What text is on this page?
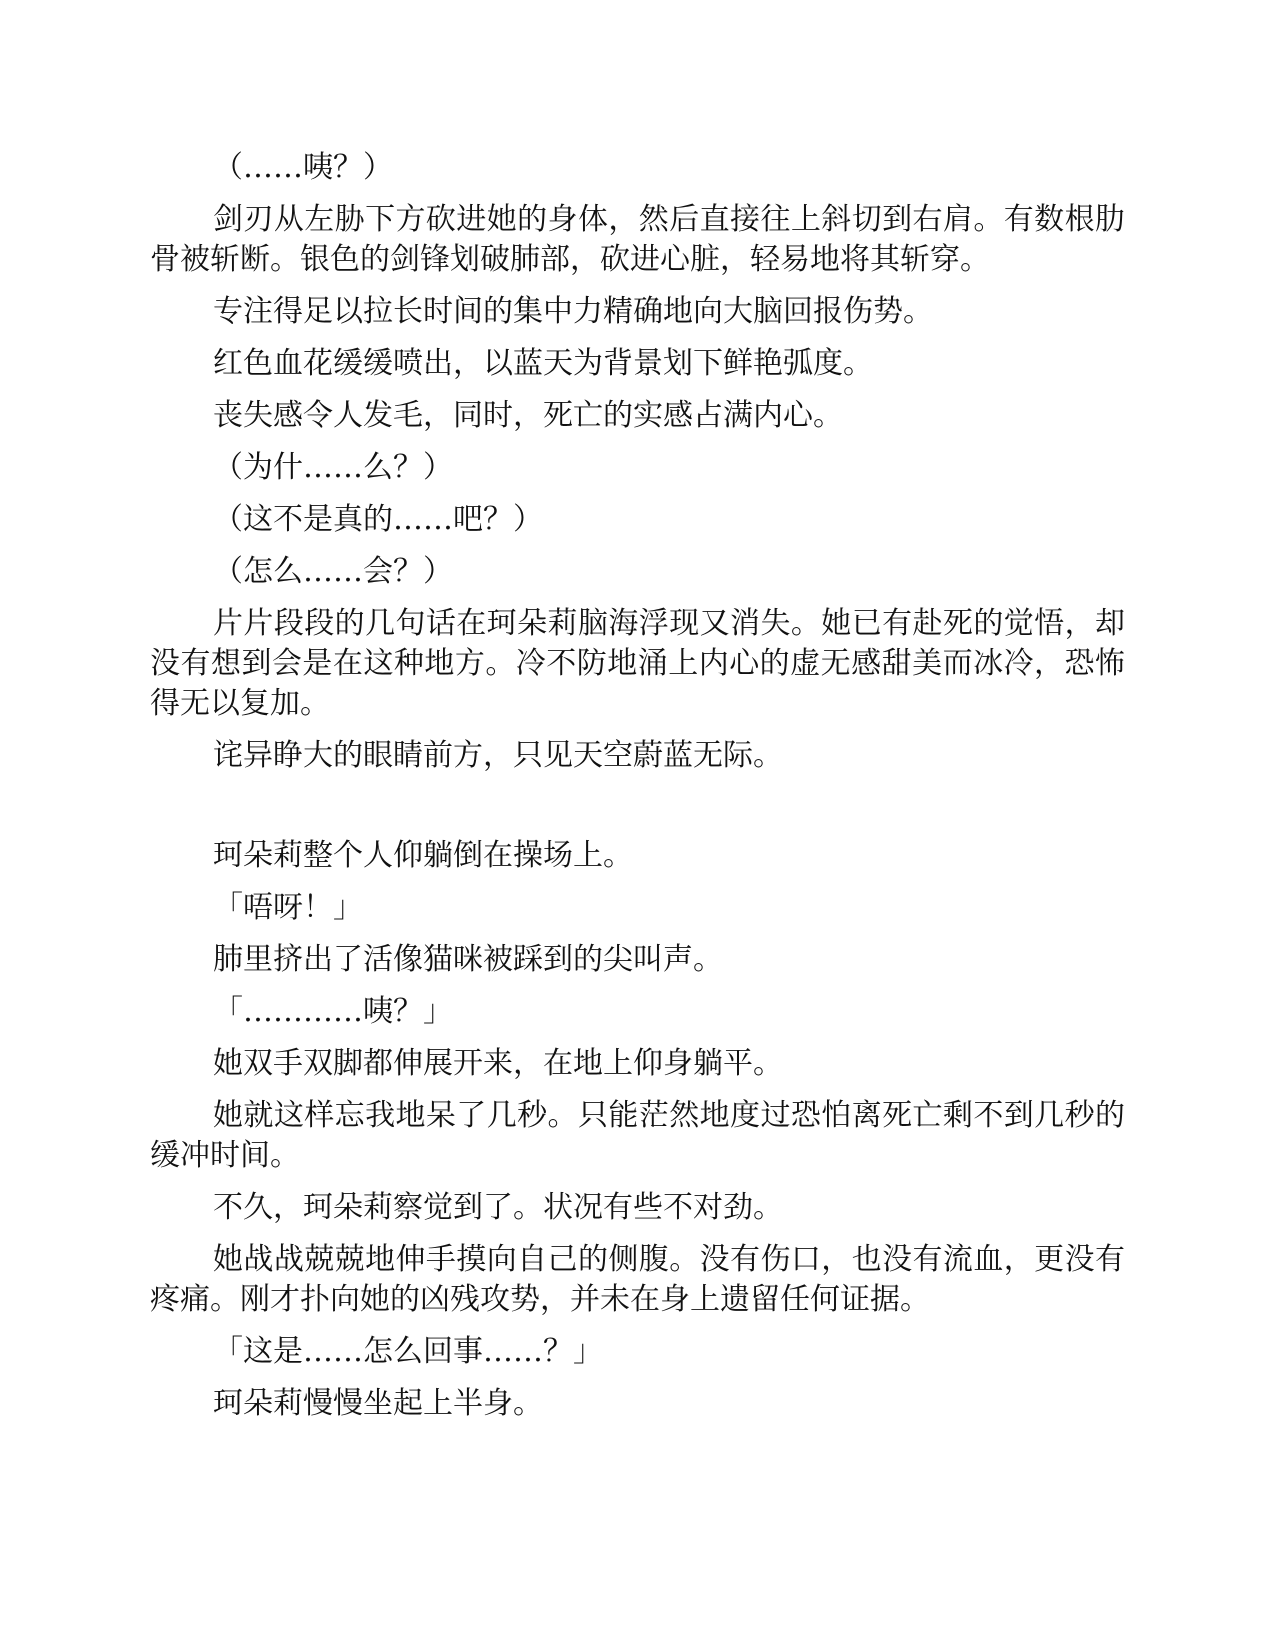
（……咦？）

剑刃从左胁下方砍进她的身体，然后直接往上斜切到右肩。有数根肋骨被斩断。银色的剑锋划破肺部，砍进心脏，轻易地将其斩穿。

专注得足以拉长时间的集中力精确地向大脑回报伤势。

红色血花缓缓喷出，以蓝天为背景划下鲜艳弧度。

丧失感令人发毛，同时，死亡的实感占满内心。

（为什……么？）

（这不是真的……吧？）

（怎么……会？）

片片段段的几句话在珂朵莉脑海浮现又消失。她已有赴死的觉悟，却没有想到会是在这种地方。冷不防地涌上内心的虚无感甜美而冰冷，恐怖得无以复加。

诧异睁大的眼睛前方，只见天空蔚蓝无际。

珂朵莉整个人仰躺倒在操场上。

「唔呀！」

肺里挤出了活像猫咪被踩到的尖叫声。

「…………咦？」

她双手双脚都伸展开来，在地上仰身躺平。

她就这样忘我地呆了几秒。只能茫然地度过恐怕离死亡剩不到几秒的缓冲时间。

不久，珂朵莉察觉到了。状况有些不对劲。

她战战兢兢地伸手摸向自己的侧腹。没有伤口，也没有流血，更没有疼痛。刚才扑向她的凶残攻势，并未在身上遗留任何证据。

「这是……怎么回事……？」

珂朵莉慢慢坐起上半身。
